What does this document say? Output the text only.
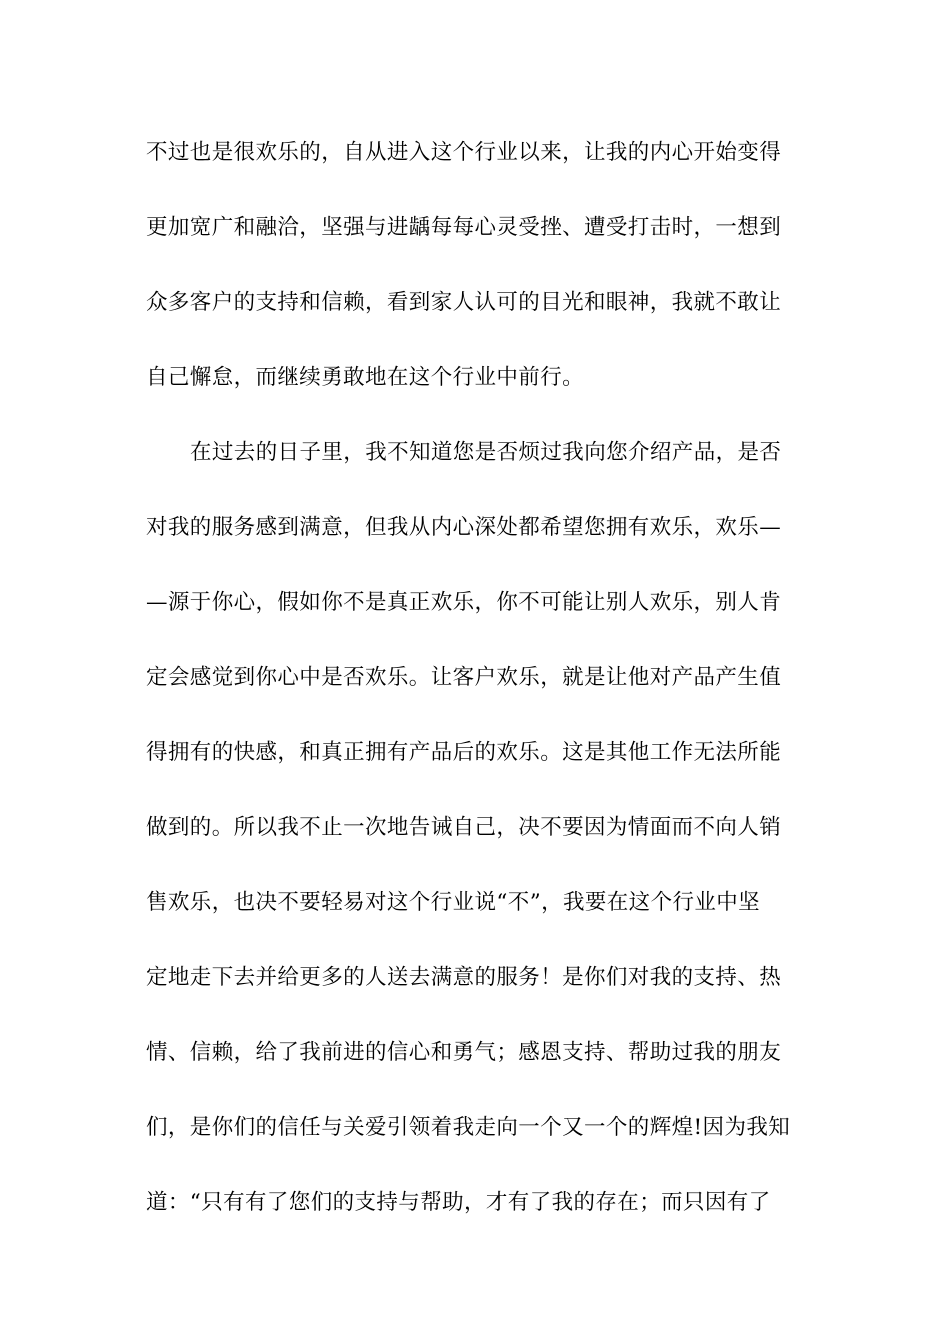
不过也是很欢乐的，自从进入这个行业以来，让我的内心开始变得
更加宽广和融洽，坚强与进龋每每心灵受挫、遭受打击时，一想到
众多客户的支持和信赖，看到家人认可的目光和眼神，我就不敢让
自己懈怠，而继续勇敢地在这个行业中前行。
在过去的日子里，我不知道您是否烦过我向您介绍产品，是否
对我的服务感到满意，但我从内心深处都希望您拥有欢乐，欢乐—
—源于你心，假如你不是真正欢乐，你不可能让别人欢乐，别人肯
定会感觉到你心中是否欢乐。让客户欢乐，就是让他对产品产生值
得拥有的快感，和真正拥有产品后的欢乐。这是其他工作无法所能
做到的。所以我不止一次地告诫自己，决不要因为情面而不向人销
售欢乐，也决不要轻易对这个行业说“不”，我要在这个行业中坚
定地走下去并给更多的人送去满意的服务！是你们对我的支持、热
情、信赖，给了我前进的信心和勇气；感恩支持、帮助过我的朋友
们，是你们的信任与关爱引领着我走向一个又一个的辉煌!因为我知
道：“只有有了您们的支持与帮助，才有了我的存在；而只因有了
